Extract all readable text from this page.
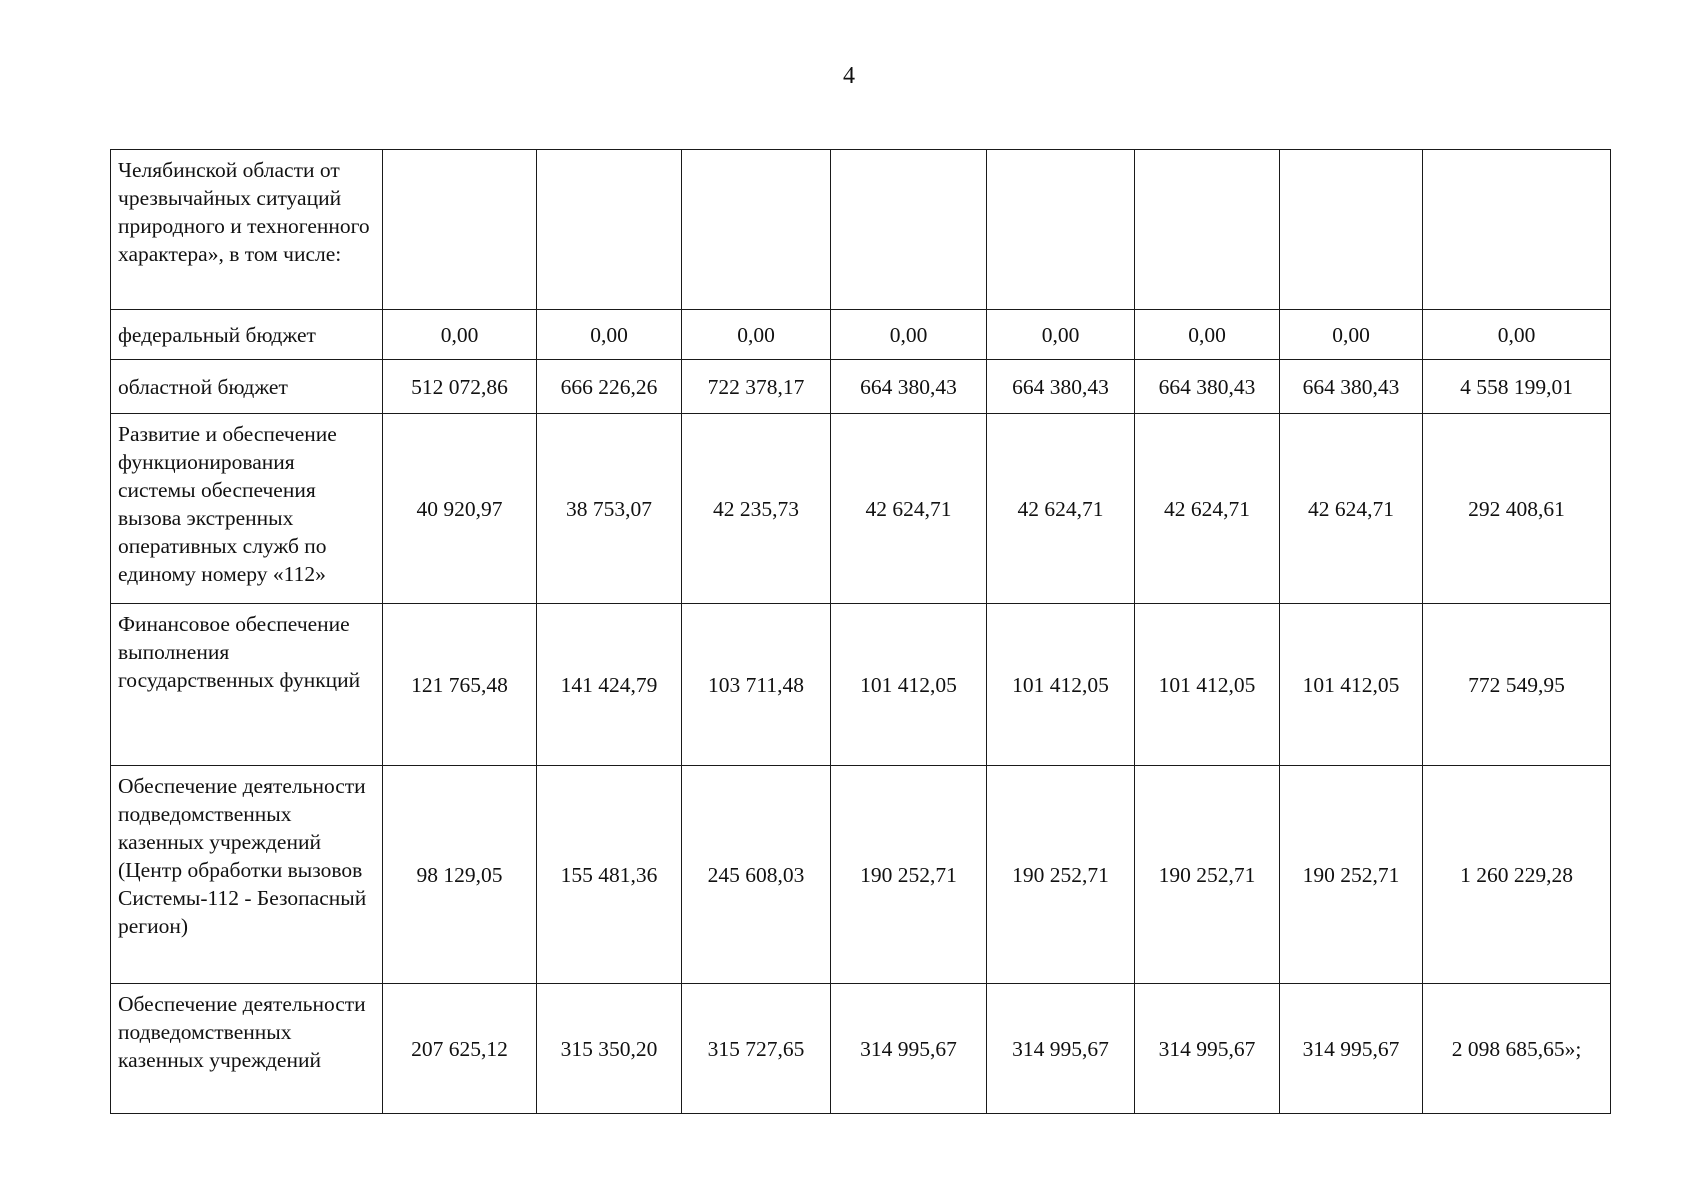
4
Челябинской области от чрезвычайных ситуаций природного и техногенного характера», в том числе:								
федеральный бюджет	0,00	0,00	0,00	0,00	0,00	0,00	0,00	0,00
областной бюджет	512 072,86	666 226,26	722 378,17	664 380,43	664 380,43	664 380,43	664 380,43	4 558 199,01
Развитие и обеспечение функционирования системы обеспечения вызова экстренных оперативных служб по единому номеру «112»	40 920,97	38 753,07	42 235,73	42 624,71	42 624,71	42 624,71	42 624,71	292 408,61
Финансовое обеспечение выполнения государственных функций	121 765,48	141 424,79	103 711,48	101 412,05	101 412,05	101 412,05	101 412,05	772 549,95
Обеспечение деятельности подведомственных казенных учреждений (Центр обработки вызовов Системы-112 - Безопасный регион)	98 129,05	155 481,36	245 608,03	190 252,71	190 252,71	190 252,71	190 252,71	1 260 229,28
Обеспечение деятельности подведомственных казенных учреждений	207 625,12	315 350,20	315 727,65	314 995,67	314 995,67	314 995,67	314 995,67	2 098 685,65»;
